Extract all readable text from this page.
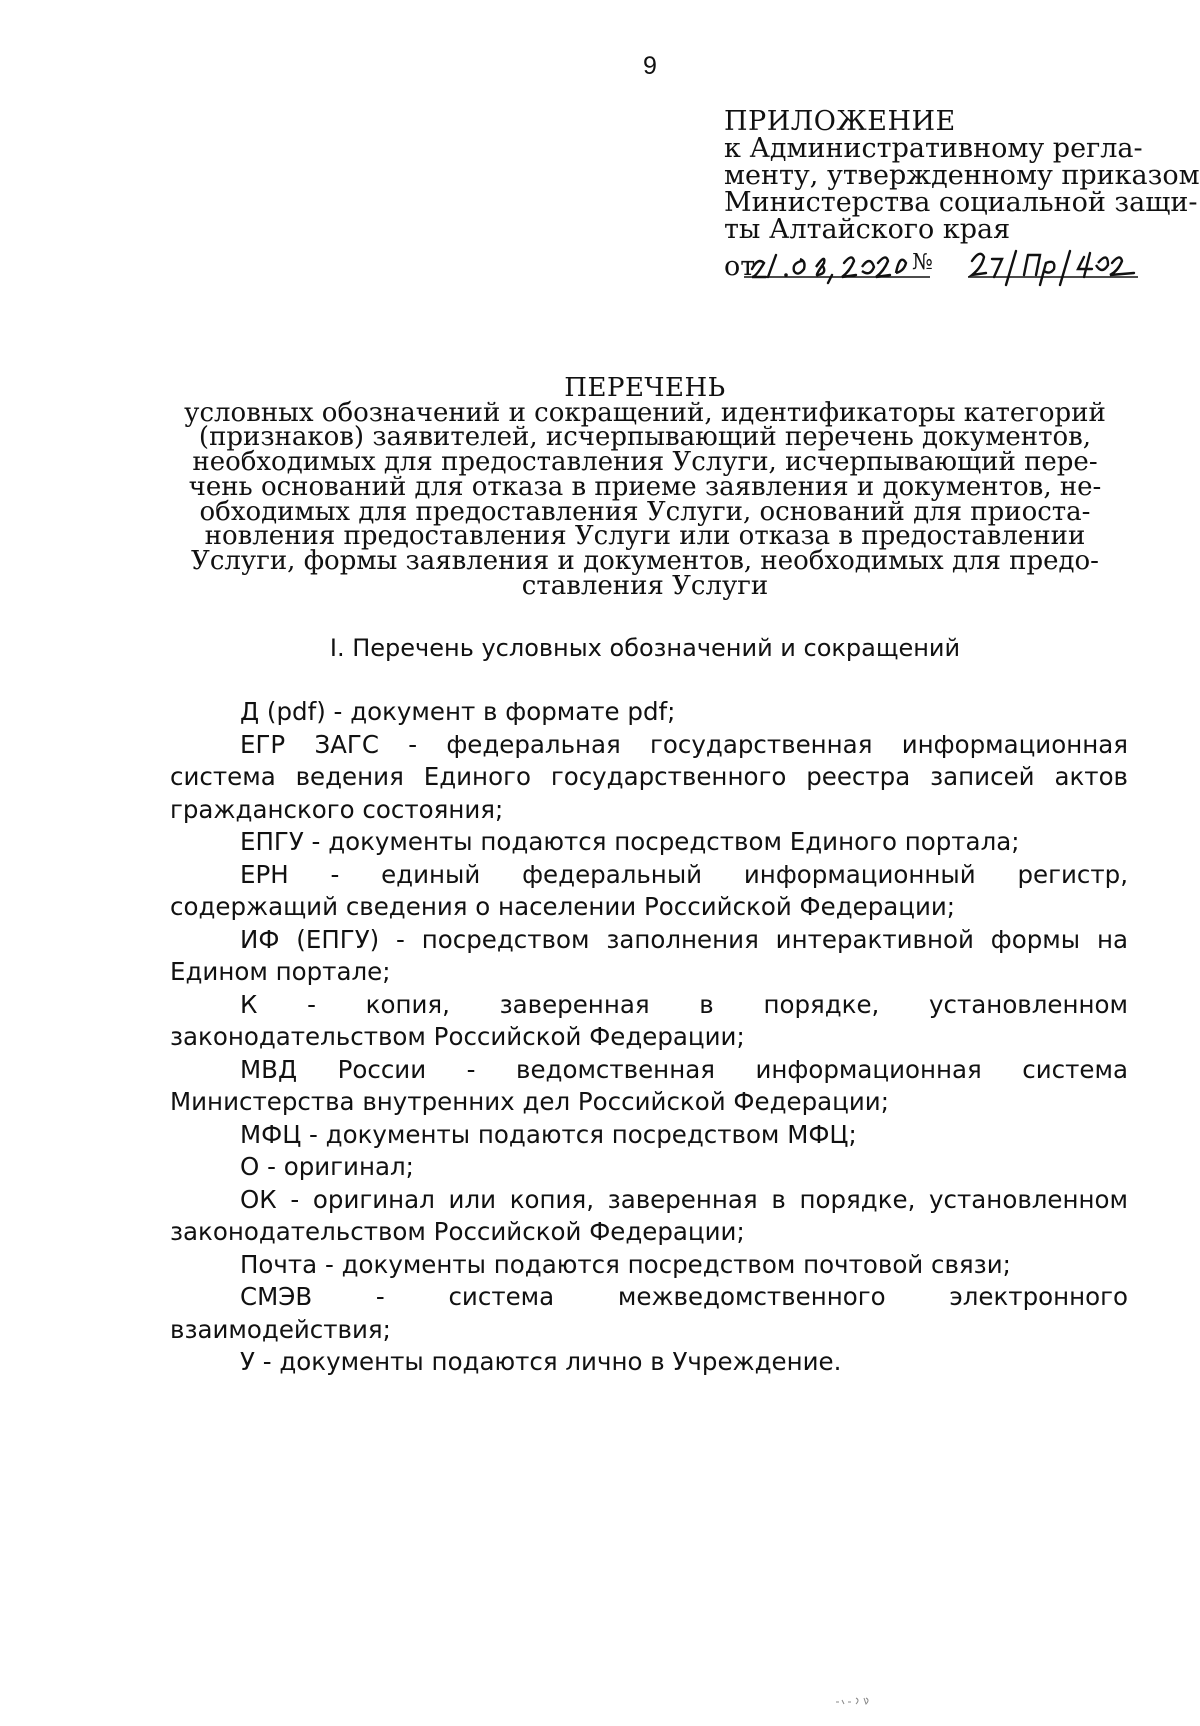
9
ПРИЛОЖЕНИЕ
к Административному регла-
менту, утвержденному приказом
Министерства социальной защи-
ты Алтайского края
от	№
ПЕРЕЧЕНЬ
условных обозначений и сокращений, идентификаторы категорий
(признаков) заявителей, исчерпывающий перечень документов,
необходимых для предоставления Услуги, исчерпывающий пере-
чень оснований для отказа в приеме заявления и документов, не-
обходимых для предоставления Услуги, оснований для приоста-
новления предоставления Услуги или отказа в предоставлении
Услуги, формы заявления и документов, необходимых для предо-
ставления Услуги
I. Перечень условных обозначений и сокращений

Д (pdf) - документ в формате pdf;

ЕГР ЗАГС - федеральная государственная информационная система ведения Единого государственного реестра записей актов гражданского состояния;

ЕПГУ - документы подаются посредством Единого портала;

ЕРН - единый федеральный информационный регистр, содержащий сведения о населении Российской Федерации;

ИФ (ЕПГУ) - посредством заполнения интерактивной формы на Едином портале;

К - копия, заверенная в порядке, установленном законодательством Российской Федерации;

МВД России - ведомственная информационная система Министерства внутренних дел Российской Федерации;

МФЦ - документы подаются посредством МФЦ;

О - оригинал;

ОК - оригинал или копия, заверенная в порядке, установленном законодательством Российской Федерации;

Почта - документы подаются посредством почтовой связи;

СМЭВ - система межведомственного электронного взаимодействия;

У - документы подаются лично в Учреждение.
